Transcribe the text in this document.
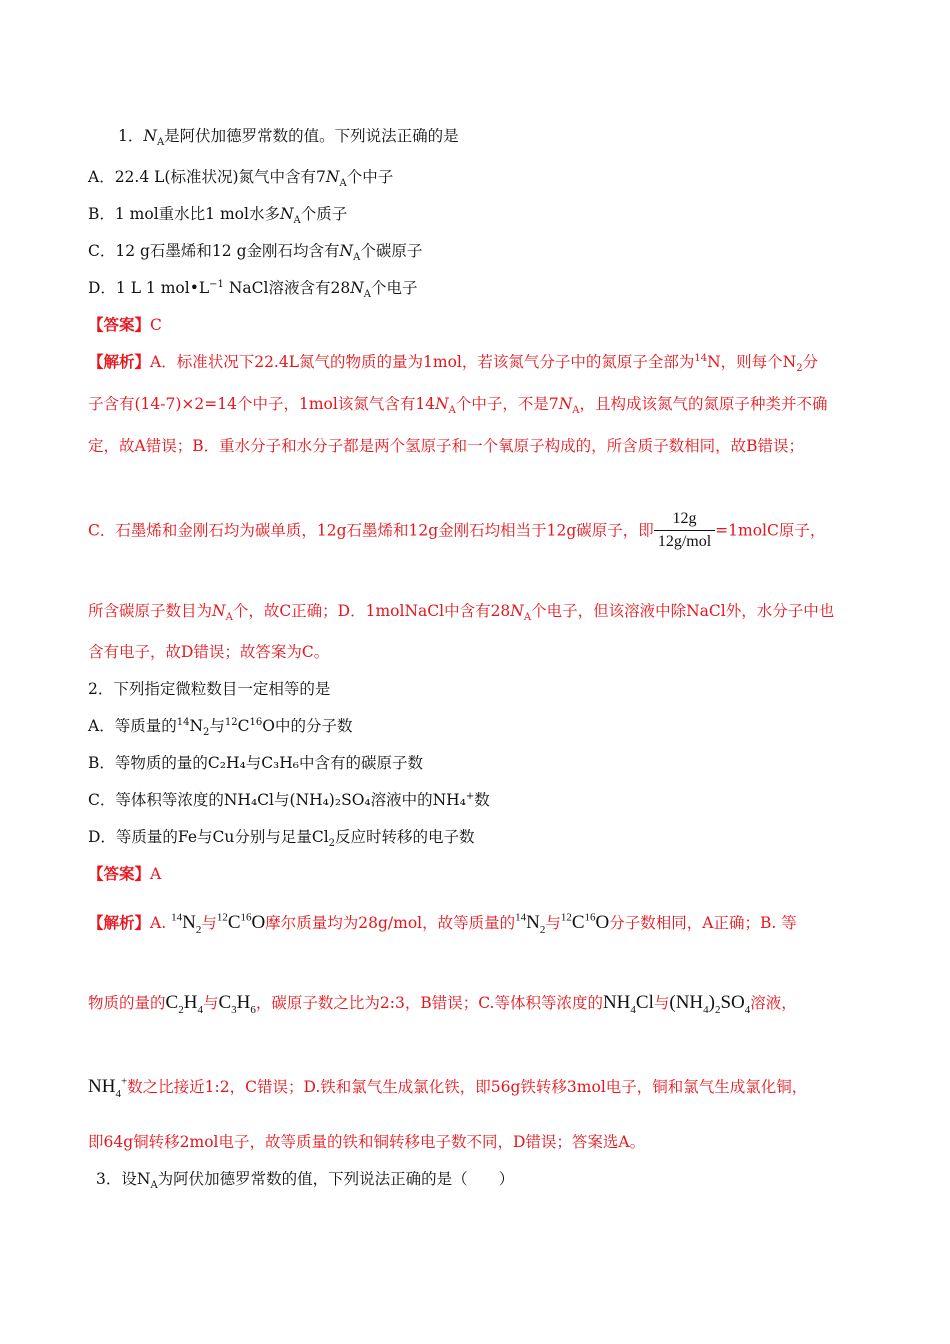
1．$N_A$是阿伏加德罗常数的值。下列说法正确的是
A．22.4 L(标准状况)氮气中含有$7N_A$个中子
B．1 mol重水比1 mol水多$N_A$个质子
C．12 g石墨烯和12 g金刚石均含有$N_A$个碳原子
D．1 L 1 $mol•L^{-1}$ NaCl溶液含有$28N_A$个电子
【答案】C
【解析】A．标准状况下22.4L氮气的物质的量为1mol，若该氮气分子中的氮原子全部为$^{14}$N，则每个$N_2$分
子含有(14-7)×2=14个中子，1mol该氮气含有$14N_A$个中子，不是$7N_A$，且构成该氮气的氮原子种类并不确
定，故A错误；B．重水分子和水分子都是两个氢原子和一个氧原子构成的，所含质子数相同，故B错误；
C．石墨烯和金刚石均为碳单质，12g石墨烯和12g金刚石均相当于12g碳原子，即 $\frac{12g}{\text{12g/mol}}$ =1molC原子，
所含碳原子数目为$N_A$个，故C正确；D．1molNaCl中含有$28N_A$个电子，但该溶液中除NaCl外，水分子中也
含有电子，故D错误；故答案为C。
2．下列指定微粒数目一定相等的是
A．等质量的$^{14}N_2$与$^{12}C^{16}O$中的分子数
B．等物质的量的C₂H₄与C₃H₆中含有的碳原子数
C．等体积等浓度的NH₄Cl与(NH₄)₂SO₄溶液中的NH₄+数
D．等质量的Fe与Cu分别与足量$Cl_2$反应时转移的电子数
【答案】A
【解析】A. $^{14}N_2$与$^{12}C^{16}O$摩尔质量均为28g/mol，故等质量的$^{14}N_2$与$^{12}C^{16}O$分子数相同，A正确；B. 等
物质的量的$C_2H_4$与$C_3H_6$，碳原子数之比为2:3，B错误；C.等体积等浓度的$NH_4Cl$与$(NH_4)_2SO_4$溶液，
$NH_4^+$数之比接近1:2，C错误；D.铁和氯气生成氯化铁，即56g铁转移3mol电子，铜和氯气生成氯化铜，
即64g铜转移2mol电子，故等质量的铁和铜转移电子数不同，D错误；答案选A。
3．设$N_A$为阿伏加德罗常数的值，下列说法正确的是（　　）
